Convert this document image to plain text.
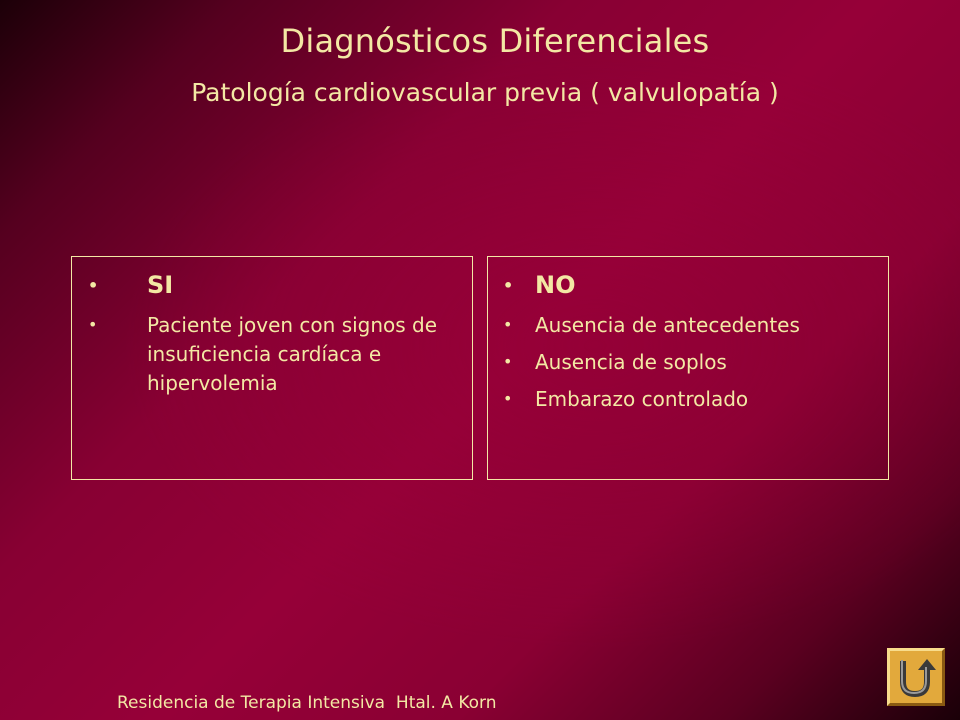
Diagnósticos Diferenciales
Patología cardiovascular previa ( valvulopatía )
• SI
• Paciente joven con signos de insuficiencia cardíaca e hipervolemia
• NO
• Ausencia de antecedentes
• Ausencia de soplos
• Embarazo controlado
Residencia de Terapia Intensiva  Htal. A Korn
